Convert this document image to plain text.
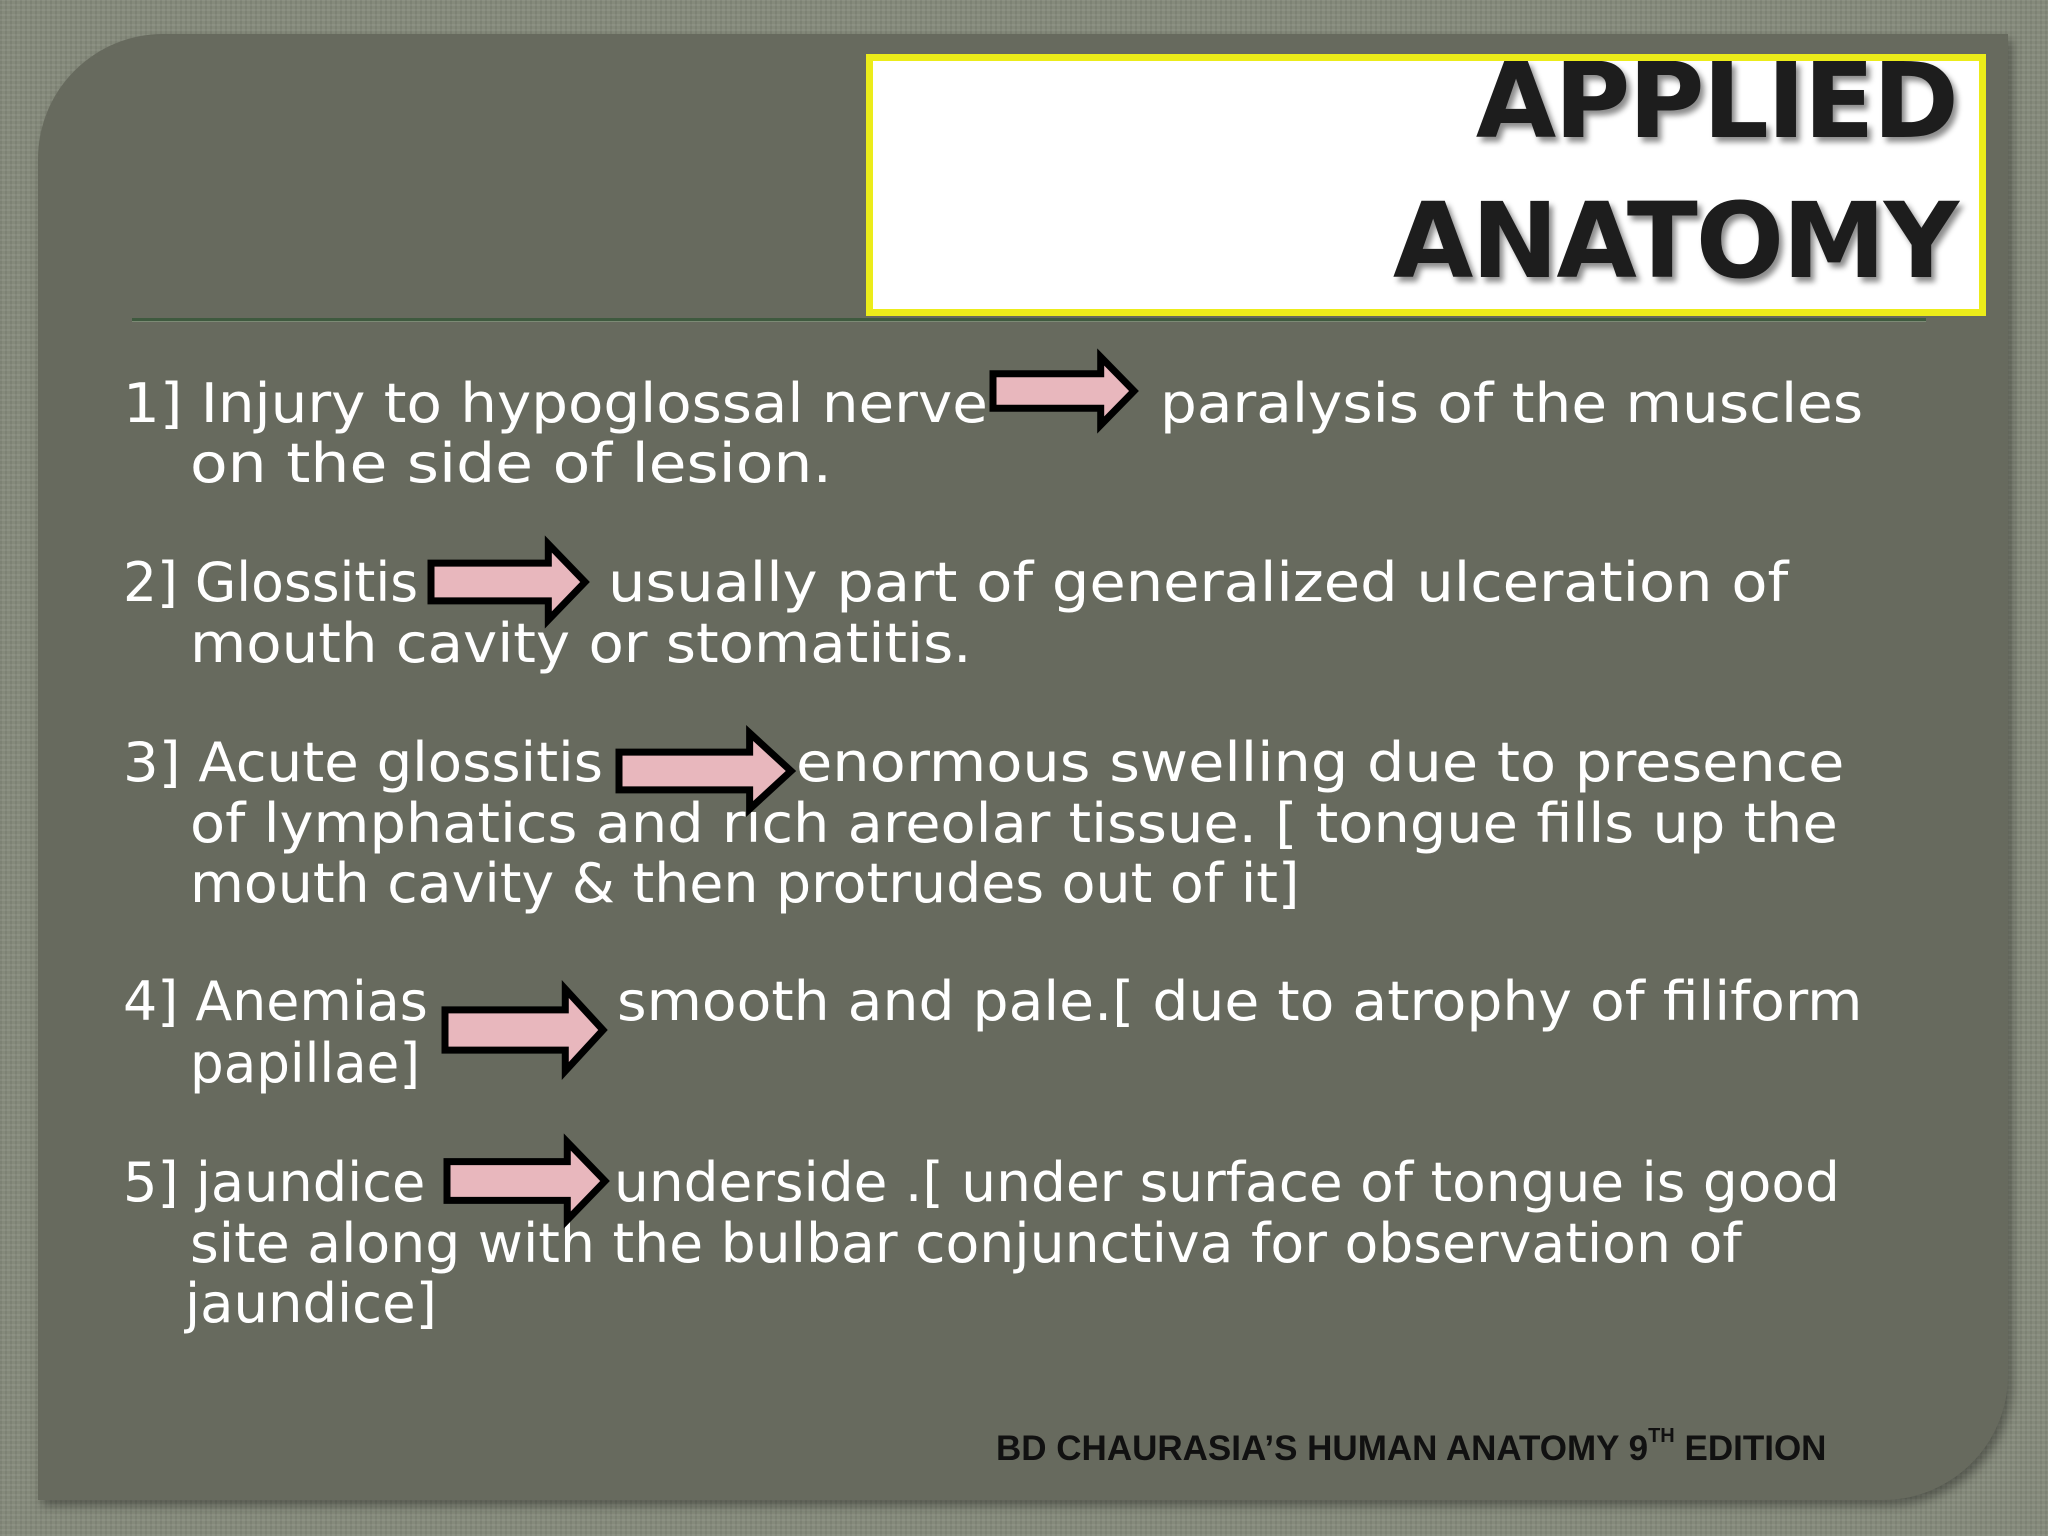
APPLIED
ANATOMY
1] Injury to hypoglossal nerve	paralysis of the muscles
on the side of lesion.
2] Glossitis	usually part of generalized ulceration of
mouth cavity or stomatitis.
3] Acute glossitis	enormous swelling due to presence
of lymphatics and rich areolar tissue. [ tongue fills up the
mouth cavity & then protrudes out of it]
4] Anemias	smooth and pale.[ due to atrophy of filiform
papillae]
5] jaundice	underside .[ under surface of tongue is good
site along with the bulbar conjunctiva for observation of
jaundice]
BD CHAURASIA’S HUMAN ANATOMY 9TH EDITION
